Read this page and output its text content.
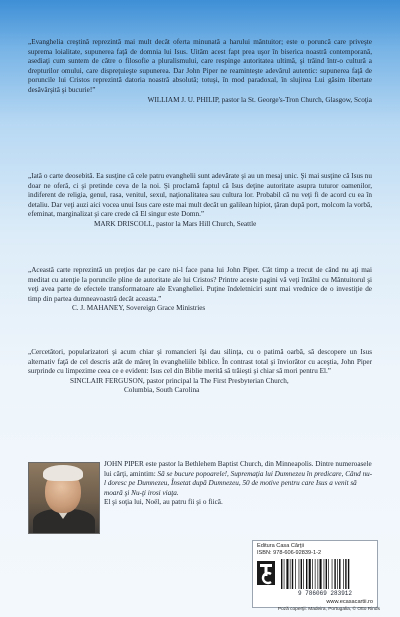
„Evanghelia creştină reprezintă mai mult decât oferta minunată a harului mântuitor; este o poruncă care priveşte suprema loialitate, supunerea faţă de domnia lui Isus. Uităm acest fapt prea uşor în biserica noastră contemporană, asediaţi cum suntem de către o filosofie a pluralismului, care respinge autoritatea ultimă, şi trăind într-o cultură a drepturilor omului, care dispreţuieşte supunerea. Dar John Piper ne reaminteşte adevărul autentic: supunerea faţă de poruncile lui Cristos reprezintă datoria noastră absolută; totuşi, în mod paradoxal, în slujirea Lui găsim libertate desăvârşită şi bucurie!”

WILLIAM J. U. PHILIP, pastor la St. George's-Tron Church, Glasgow, Scoţia

„Iată o carte deosebită. Ea susţine că cele patru evanghelii sunt adevărate şi au un mesaj unic. Şi mai susţine că Isus nu doar ne oferă, ci şi pretinde ceva de la noi. Şi proclamă faptul că Isus deţine autoritate asupra tuturor oamenilor, indiferent de religia, genul, rasa, venitul, sexul, naţionalitatea sau cultura lor. Probabil că nu veţi fi de acord cu ea în detaliu. Dar veţi auzi aici vocea unui Isus care este mai mult decât un galilean hipiot, ţăran după port, molcom la vorbă, efeminat, marginalizat şi care crede că El singur este Domn.”

MARK DRISCOLL, pastor la Mars Hill Church, Seattle

„Această carte reprezintă un preţios dar pe care ni-l face pana lui John Piper. Cât timp a trecut de când nu aţi mai meditat cu atenţie la poruncile pline de autoritate ale lui Cristos? Printre aceste pagini vă veţi întâlni cu Mântuitorul şi veţi avea parte de efectele transformatoare ale Evangheliei. Puţine îndeletniciri sunt mai vrednice de o investiţie de timp din partea dumneavoastră decât aceasta.”

C. J. MAHANEY, Sovereign Grace Ministries

„Cercetători, popularizatori şi acum chiar şi romancieri îşi dau silinţa, cu o patimă oarbă, să descopere un Isus alternativ faţă de cel descris atât de măreţ în evangheliile biblice. În contrast total şi înviorător cu aceştia, John Piper surprinde cu limpezime ceea ce e evident: Isus cel din Biblie merită să trăieşti şi chiar să mori pentru El.”

SINCLAIR FERGUSON, pastor principal la The First Presbyterian Church,

Columbia, South Carolina

JOHN PIPER este pastor la Bethlehem Baptist Church, din Minneapolis. Dintre numeroasele lui cărţi, amintim: Să se bucure popoarele!, Supremaţia lui Dumnezeu în predicare, Când nu-l doresc pe Dumnezeu, Însetat după Dumnezeu, 50 de motive pentru care Isus a venit să moară şi Nu-ţi irosi viaţa.
El şi soţia lui, Noël, au patru fii şi o fiică.
Editura Casa Cărţii
ISBN: 978-606-92839-1-2
9 786069 283912
www.ecasacartii.ro
Poză coperţii: Madeira, Portugalia, © Otto Rinds
